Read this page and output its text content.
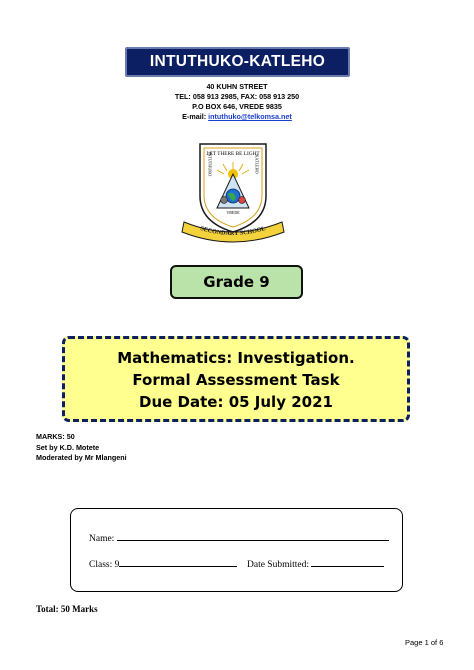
INTUTHUKO-KATLEHO
40 KUHN STREET
TEL: 058 913 2985, FAX: 058 913 250
P.O BOX 646, VREDE 9835
E-mail: intuthuko@telkomsa.net
LET THERE BE LIGHT
INTUTHUKO	KATLEHO
VREDE
SECONDARY SCHOOL
Grade 9
Mathematics: Investigation.
Formal Assessment Task
Due Date: 05 July 2021
MARKS: 50
Set by K.D. Motete
Moderated by Mr Mlangeni
Name:
Class: 9	Date Submitted:
Total: 50 Marks
Page 1 of 6
